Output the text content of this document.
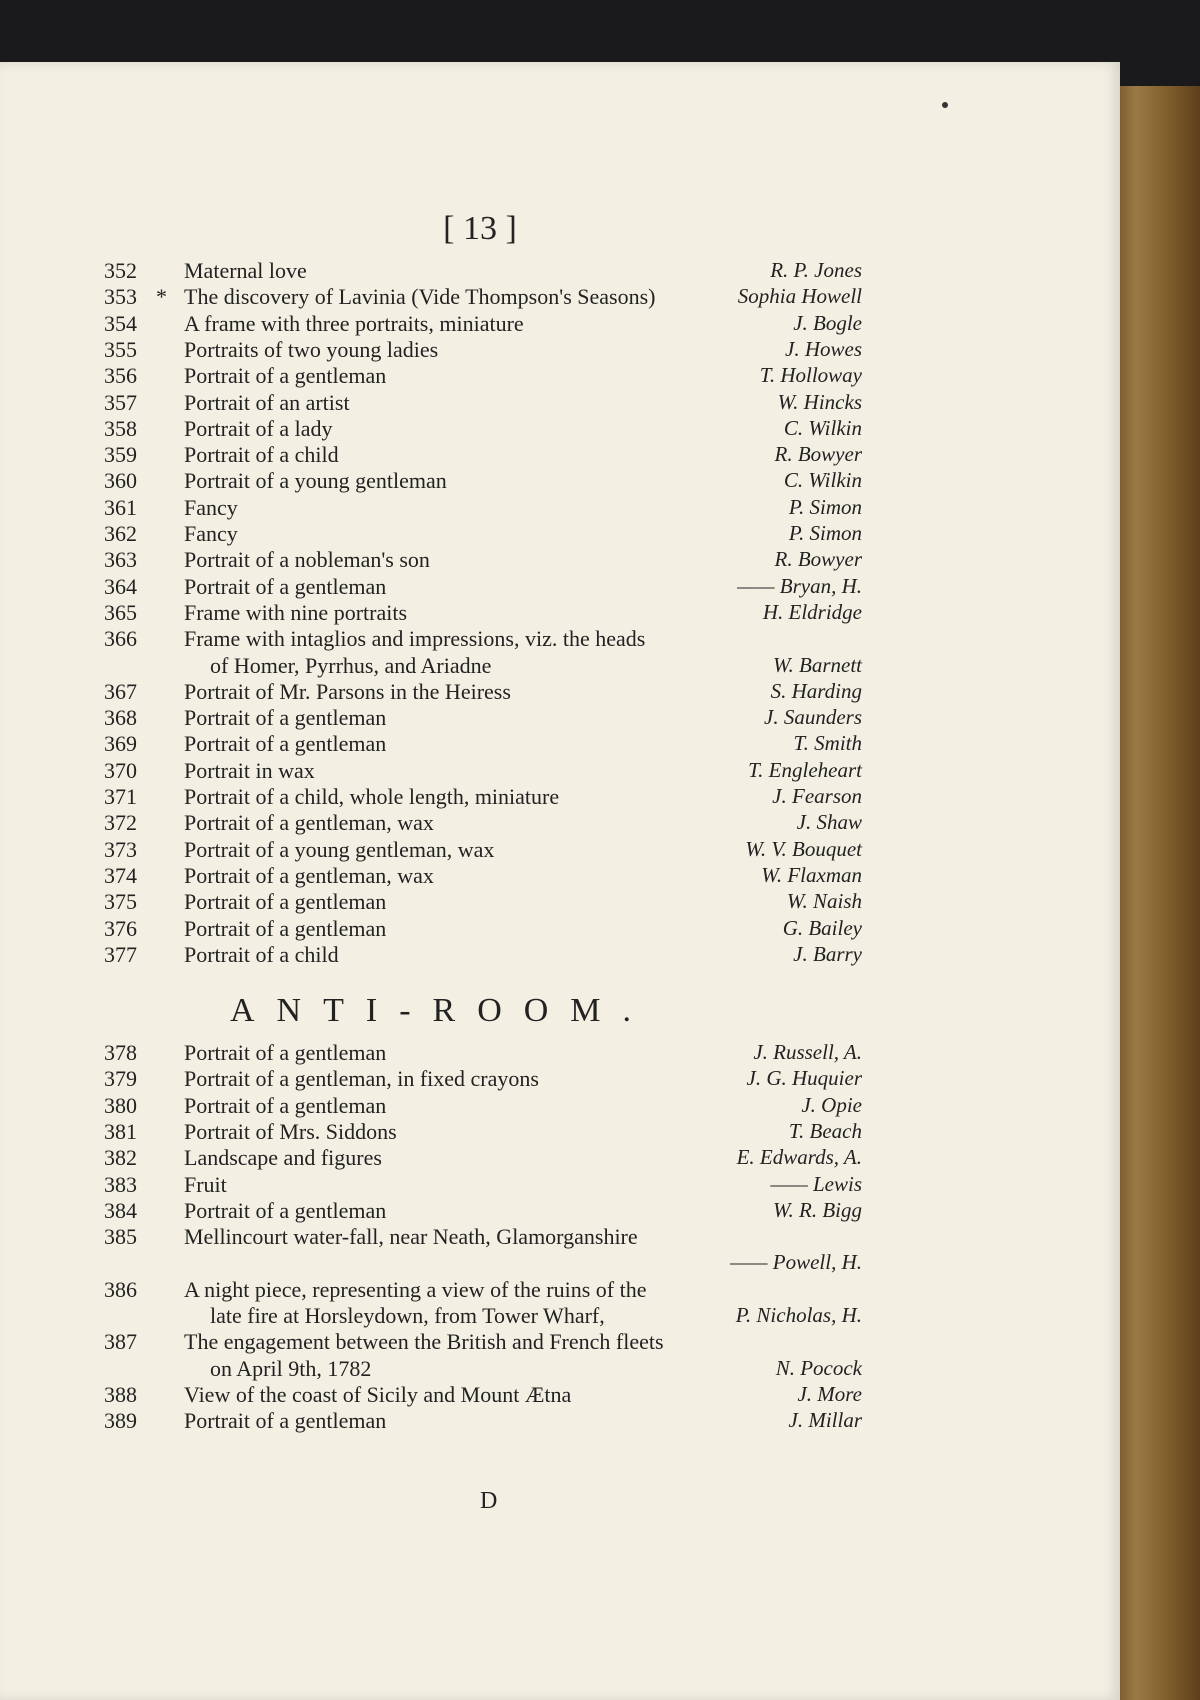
[ 13 ]
ANTI-ROOM.
D
352	Maternal love	R. P. Jones
353 * The discovery of Lavinia (Vide Thompson's Seasons)	Sophia Howell
354	A frame with three portraits, miniature	J. Bogle
355	Portraits of two young ladies	J. Howes
356	Portrait of a gentleman	T. Holloway
357	Portrait of an artist	W. Hincks
358	Portrait of a lady	C. Wilkin
359	Portrait of a child	R. Bowyer
360	Portrait of a young gentleman	C. Wilkin
361	Fancy	P. Simon
362	Fancy	P. Simon
363	Portrait of a nobleman's son	R. Bowyer
364	Portrait of a gentleman	—— Bryan, H.
365	Frame with nine portraits	H. Eldridge
366	Frame with intaglios and impressions, viz. the heads
of Homer, Pyrrhus, and Ariadne	W. Barnett
367	Portrait of Mr. Parsons in the Heiress	S. Harding
368	Portrait of a gentleman	J. Saunders
369	Portrait of a gentleman	T. Smith
370	Portrait in wax	T. Engleheart
371	Portrait of a child, whole length, miniature	J. Fearson
372	Portrait of a gentleman, wax	J. Shaw
373	Portrait of a young gentleman, wax	W. V. Bouquet
374	Portrait of a gentleman, wax	W. Flaxman
375	Portrait of a gentleman	W. Naish
376	Portrait of a gentleman	G. Bailey
377	Portrait of a child	J. Barry
378	Portrait of a gentleman	J. Russell, A.
379	Portrait of a gentleman, in fixed crayons	J. G. Huquier
380	Portrait of a gentleman	J. Opie
381	Portrait of Mrs. Siddons	T. Beach
382	Landscape and figures	E. Edwards, A.
383	Fruit	—— Lewis
384	Portrait of a gentleman	W. R. Bigg
385	Mellincourt water-fall, near Neath, Glamorganshire
—— Powell, H.
386	A night piece, representing a view of the ruins of the
late fire at Horsleydown, from Tower Wharf,	P. Nicholas, H.
387	The engagement between the British and French fleets
on April 9th, 1782	N. Pocock
388	View of the coast of Sicily and Mount Ætna	J. More
389	Portrait of a gentleman	J. Millar
